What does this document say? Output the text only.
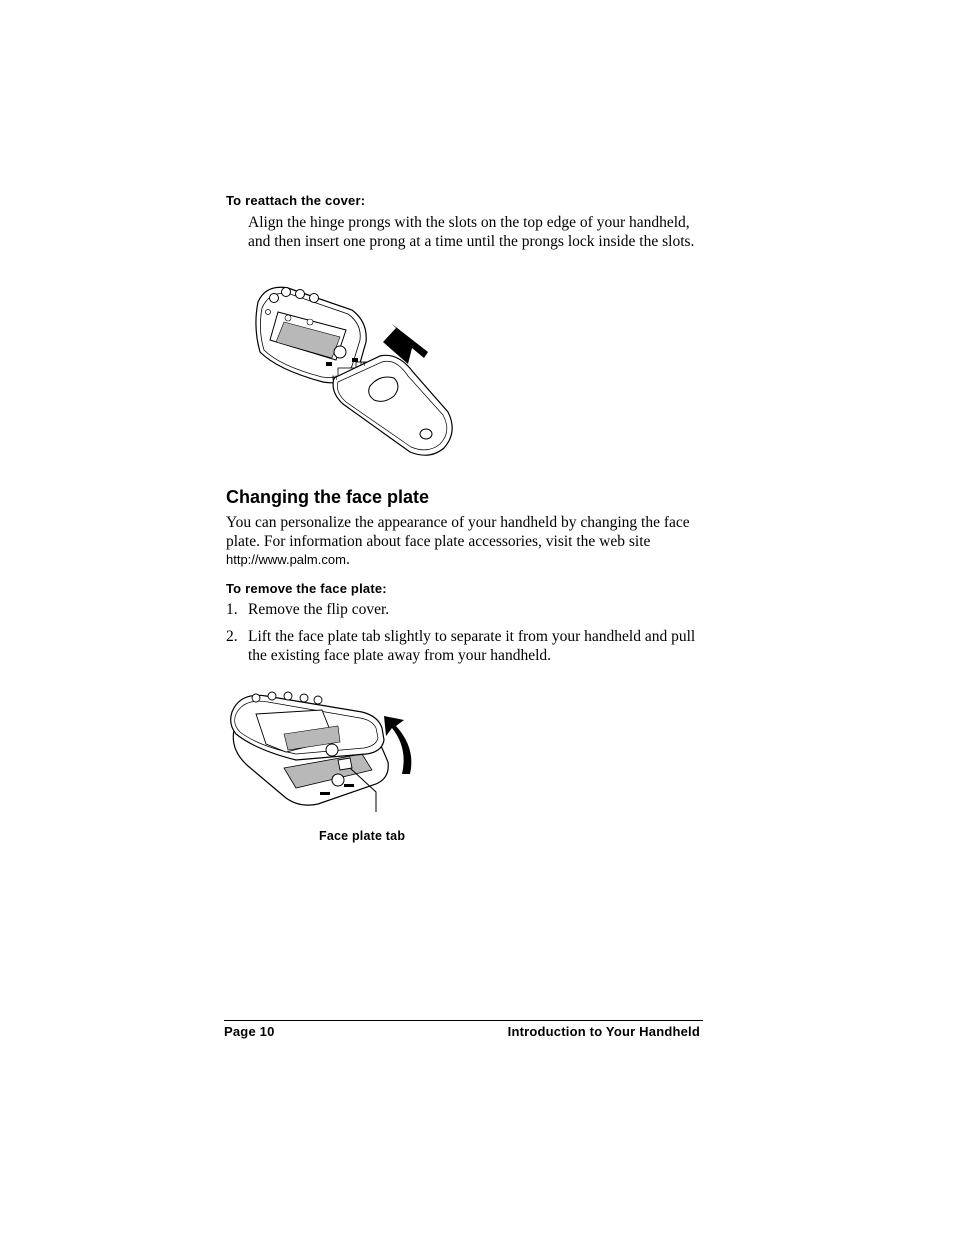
To reattach the cover:
Align the hinge prongs with the slots on the top edge of your handheld, and then insert one prong at a time until the prongs lock inside the slots.
M
M
Changing the face plate
You can personalize the appearance of your handheld by changing the face plate. For information about face plate accessories, visit the web site http://www.palm.com.
To remove the face plate:
1. Remove the flip cover.
2. Lift the face plate tab slightly to separate it from your handheld and pull the existing face plate away from your handheld.
Face plate tab
Page 10	Introduction to Your Handheld
